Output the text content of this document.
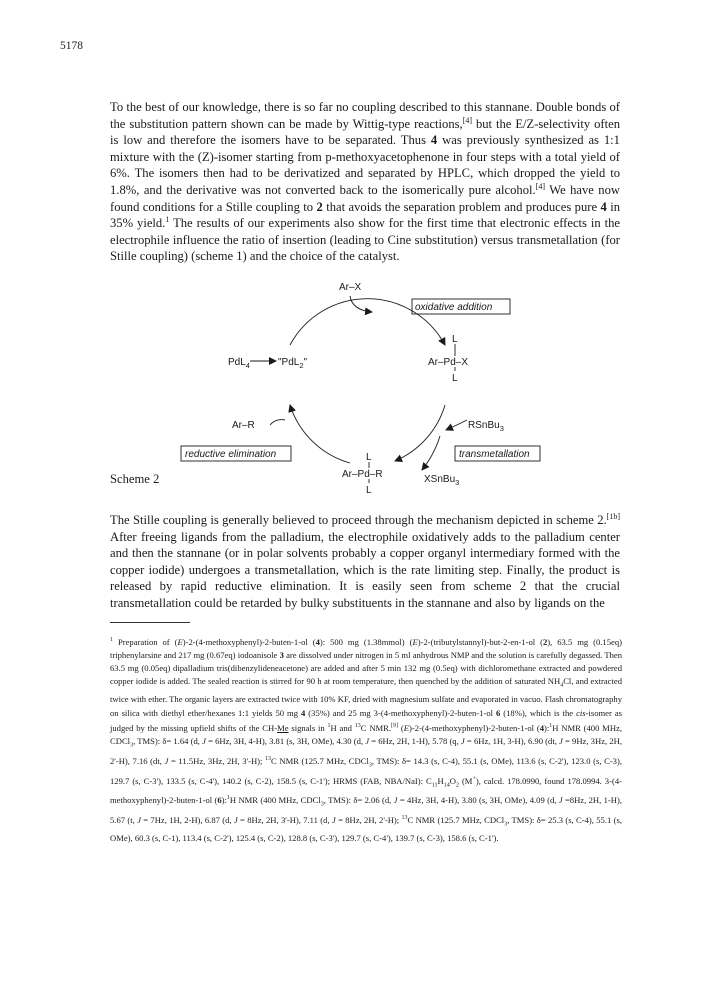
5178

To the best of our knowledge, there is so far no coupling described to this stannane. Double bonds of the substitution pattern shown can be made by Wittig-type reactions,[4] but the E/Z-selectivity often is low and therefore the isomers have to be separated. Thus 4 was previously synthesized as 1:1 mixture with the (Z)-isomer starting from p-methoxyacetophenone in four steps with a total yield of 6%. The isomers then had to be derivatized and separated by HPLC, which dropped the yield to 1.8%, and the derivative was not converted back to the isomerically pure alcohol.[4] We have now found conditions for a Stille coupling to 2 that avoids the separation problem and produces pure 4 in 35% yield.$^1$ The results of our experiments also show for the first time that electronic effects in the electrophile influence the ratio of insertion (leading to Cine substitution) versus transmetallation (for Stille coupling) (scheme 1) and the choice of the catalyst.

Ar–X
oxidative addition
PdL$_4$	"PdL$_2$"
L
Ar–Pd–X
L
Ar–R	RSnBu$_3$
reductive elimination	transmetallation
L
Ar–Pd–R
L
XSnBu$_3$
Scheme 2

The Stille coupling is generally believed to proceed through the mechanism depicted in scheme 2.[1b] After freeing ligands from the palladium, the electrophile oxidatively adds to the palladium center and then the stannane (or in polar solvents probably a copper organyl intermediary formed with the copper iodide) undergoes a transmetallation, which is the rate limiting step. Finally, the product is released by rapid reductive elimination. It is easily seen from scheme 2 that the crucial transmetallation could be retarded by bulky substituents in the stannane and also by ligands on the

$^1$ Preparation of (E)-2-(4-methoxyphenyl)-2-buten-1-ol (4): 500 mg (1.38mmol) (E)-2-(tributylstannyl)-but-2-en-1-ol (2), 63.5 mg (0.15eq) triphenylarsine and 217 mg (0.67eq) iodoanisole 3 are dissolved under nitrogen in 5 ml anhydrous NMP and the solution is carefully degassed. Then 63.5 mg (0.05eq) dipalladium tris(dibenzylideneacetone) are added and after 5 min 132 mg (0.5eq) with dichloromethane extracted and powdered copper iodide is added. The sealed reaction is stirred for 90 h at room temperature, then quenched by the addition of saturated $NH_4Cl$, and extracted twice with ether. The organic layers are extracted twice with 10% KF, dried with magnesium sulfate and evaporated in vacuo. Flash chromatography on silica with diethyl ether/hexanes 1:1 yields 50 mg 4 (35%) and 25 mg 3-(4-methoxyphenyl)-2-buten-1-ol 6 (18%), which is the cis-isomer as judged by the missing upfield shifts of the CH-Me signals in $^1$H and $^{13}$C NMR.[9] (E)-2-(4-methoxyphenyl)-2-buten-1-ol (4):$^1$H NMR (400 MHz, CDCl$_3$, TMS): δ= 1.64 (d, J = 6Hz, 3H, 4-H), 3.81 (s, 3H, OMe), 4.30 (d, J = 6Hz, 2H, 1-H), 5.78 (q, J = 6Hz, 1H, 3-H), 6.90 (dt, J = 9Hz, 3Hz, 2H, 2'-H), 7.16 (dt, J = 11.5Hz, 3Hz, 2H, 3'-H); $^{13}$C NMR (125.7 MHz, CDCl$_3$, TMS): δ= 14.3 (s, C-4), 55.1 (s, OMe), 113.6 (s, C-2'), 123.0 (s, C-3), 129.7 (s, C-3'), 133.5 (s, C-4'), 140.2 (s, C-2), 158.5 (s, C-1'); HRMS (FAB, NBA/NaI): $C_{11}H_{14}O_2$ (M+), calcd. 178.0990, found 178.0994. 3-(4-methoxyphenyl)-2-buten-1-ol (6):$^1$H NMR (400 MHz, CDCl$_3$, TMS): δ= 2.06 (d, J = 4Hz, 3H, 4-H), 3.80 (s, 3H, OMe), 4.09 (d, J =8Hz, 2H, 1-H), 5.67 (t, J = 7Hz, 1H, 2-H), 6.87 (d, J = 8Hz, 2H, 3'-H), 7.11 (d, J = 8Hz, 2H, 2'-H); $^{13}$C NMR (125.7 MHz, CDCl$_3$, TMS): δ= 25.3 (s, C-4), 55.1 (s, OMe), 60.3 (s, C-1), 113.4 (s, C-2'), 125.4 (s, C-2), 128.8 (s, C-3'), 129.7 (s, C-4'), 139.7 (s, C-3), 158.6 (s, C-1').
